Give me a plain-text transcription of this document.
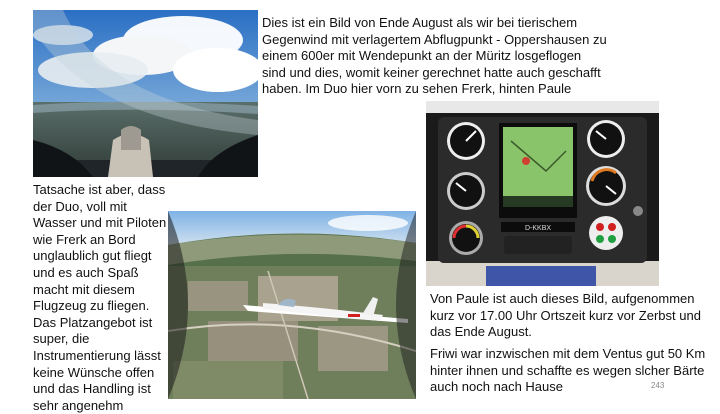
D-KKBX

Dies ist ein Bild von Ende August als wir bei tierischem Gegenwind mit verlagertem Abflugpunkt - Oppershausen zu einem 600er mit Wendepunkt an der Müritz losgeflogen sind und dies, womit keiner gerechnet hatte auch geschafft haben. Im Duo hier vorn zu sehen Frerk, hinten Paule

Tatsache ist aber, dass der Duo, voll mit Wasser und mit Piloten wie Frerk an Bord unglaublich gut fliegt und es auch Spaß macht mit diesem Flugzeug zu fliegen. Das Platzangebot ist super, die Instrumentierung lässt keine Wünsche offen und das Handling ist sehr angenehm

Von Paule ist auch dieses Bild, aufgenommen kurz vor 17.00 Uhr Ortszeit kurz vor Zerbst und das Ende August.

Friwi war inzwischen mit dem Ventus gut 50 Km hinter ihnen und schaffte es wegen slcher Bärte auch noch nach Hause	243
